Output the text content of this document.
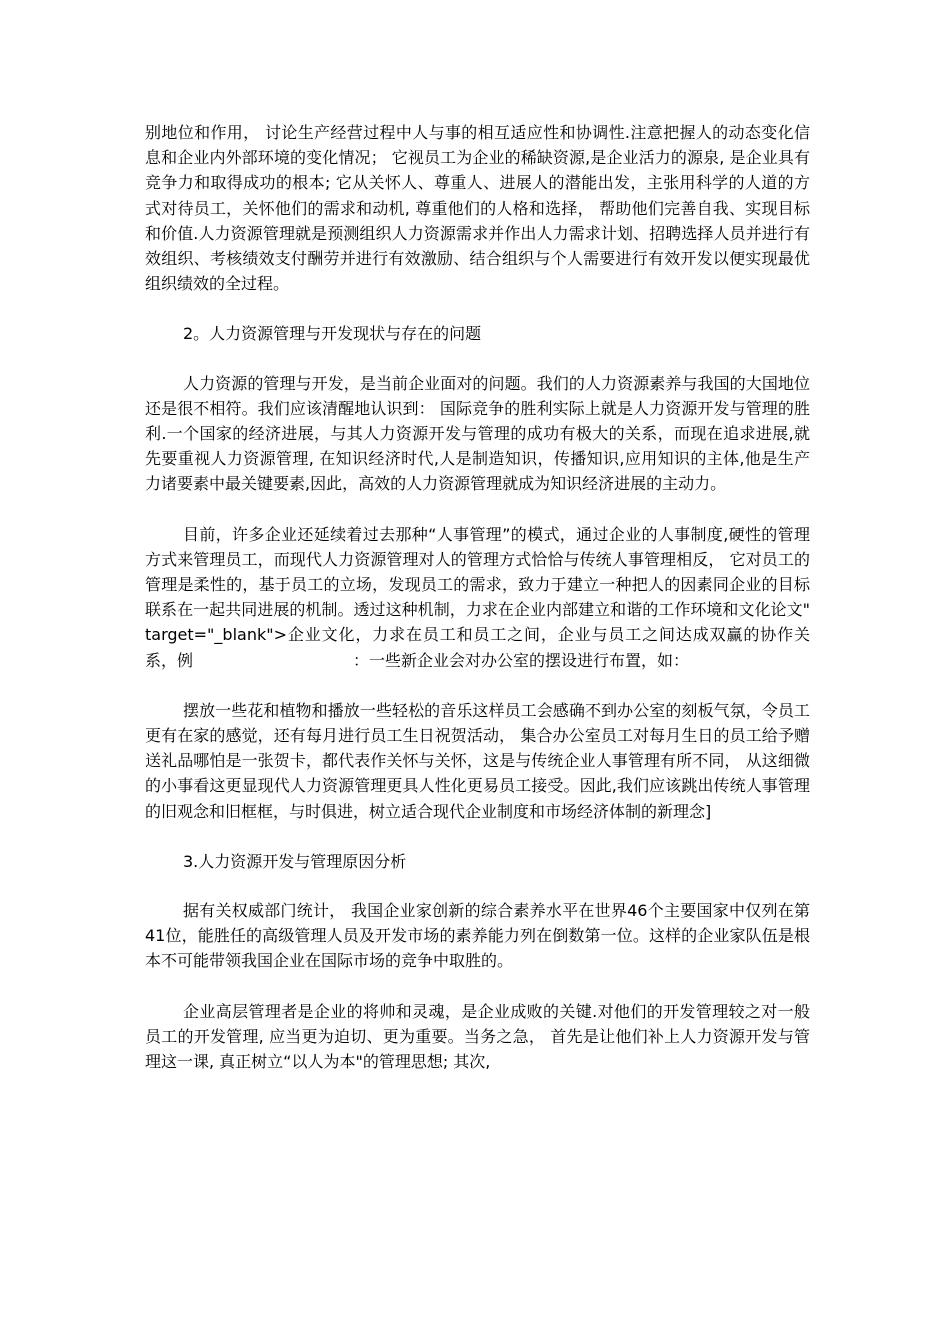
别地位和作用， 讨论生产经营过程中人与事的相互适应性和协调性.注意把握人的动态变化信息和企业内外部环境的变化情况； 它视员工为企业的稀缺资源,是企业活力的源泉, 是企业具有竞争力和取得成功的根本; 它从关怀人、尊重人、进展人的潜能出发，主张用科学的人道的方式对待员工，关怀他们的需求和动机, 尊重他们的人格和选择， 帮助他们完善自我、实现目标和价值.人力资源管理就是预测组织人力资源需求并作出人力需求计划、招聘选择人员并进行有效组织、考核绩效支付酬劳并进行有效激励、结合组织与个人需要进行有效开发以便实现最优组织绩效的全过程。

2。人力资源管理与开发现状与存在的问题

人力资源的管理与开发，是当前企业面对的问题。我们的人力资源素养与我国的大国地位还是很不相符。我们应该清醒地认识到： 国际竞争的胜利实际上就是人力资源开发与管理的胜利.一个国家的经济进展，与其人力资源开发与管理的成功有极大的关系，而现在追求进展,就先要重视人力资源管理, 在知识经济时代,人是制造知识，传播知识,应用知识的主体,他是生产力诸要素中最关键要素,因此，高效的人力资源管理就成为知识经济进展的主动力。

目前，许多企业还延续着过去那种“人事管理”的模式，通过企业的人事制度,硬性的管理方式来管理员工，而现代人力资源管理对人的管理方式恰恰与传统人事管理相反， 它对员工的管理是柔性的，基于员工的立场，发现员工的需求，致力于建立一种把人的因素同企业的目标联系在一起共同进展的机制。透过这种机制，力求在企业内部建立和谐的工作环境和文化论文" target="_blank">企业文化，力求在员工和员工之间，企业与员工之间达成双赢的协作关系，例　　　　　　　　　　：一些新企业会对办公室的摆设进行布置，如：

摆放一些花和植物和播放一些轻松的音乐这样员工会感确不到办公室的刻板气氛，令员工更有在家的感觉，还有每月进行员工生日祝贺活动， 集合办公室员工对每月生日的员工给予赠送礼品哪怕是一张贺卡，都代表作关怀与关怀，这是与传统企业人事管理有所不同， 从这细微的小事看这更显现代人力资源管理更具人性化更易员工接受。因此,我们应该跳出传统人事管理的旧观念和旧框框，与时俱进，树立适合现代企业制度和市场经济体制的新理念]

3.人力资源开发与管理原因分析

据有关权威部门统计， 我国企业家创新的综合素养水平在世界46个主要国家中仅列在第41位，能胜任的高级管理人员及开发市场的素养能力列在倒数第一位。这样的企业家队伍是根本不可能带领我国企业在国际市场的竞争中取胜的。

企业高层管理者是企业的将帅和灵魂，是企业成败的关键.对他们的开发管理较之对一般员工的开发管理, 应当更为迫切、更为重要。当务之急， 首先是让他们补上人力资源开发与管理这一课, 真正树立“以人为本"的管理思想; 其次,
